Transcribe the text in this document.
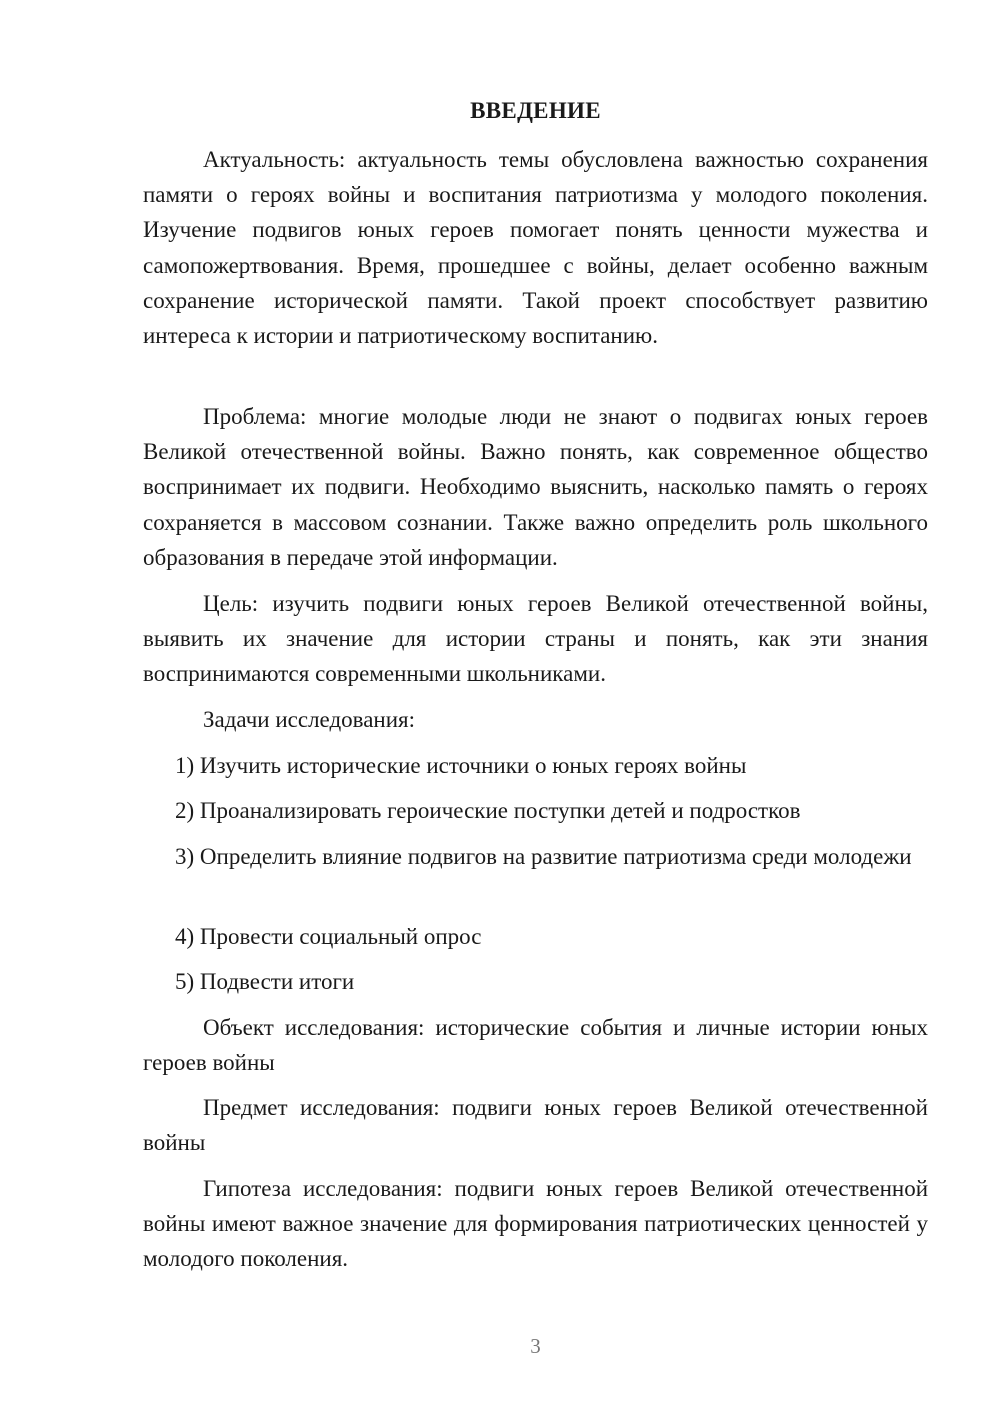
ВВЕДЕНИЕ

Актуальность: актуальность темы обусловлена важностью сохранения памяти о героях войны и воспитания патриотизма у молодого поколения. Изучение подвигов юных героев помогает понять ценности мужества и самопожертвования. Время, прошедшее с войны, делает особенно важным сохранение исторической памяти. Такой проект способствует развитию интереса к истории и патриотическому воспитанию.

Проблема: многие молодые люди не знают о подвигах юных героев Великой отечественной войны. Важно понять, как современное общество воспринимает их подвиги. Необходимо выяснить, насколько память о героях сохраняется в массовом сознании. Также важно определить роль школьного образования в передаче этой информации.

Цель: изучить подвиги юных героев Великой отечественной войны, выявить их значение для истории страны и понять, как эти знания воспринимаются современными школьниками.

Задачи исследования:

1) Изучить исторические источники о юных героях войны

2) Проанализировать героические поступки детей и подростков

3) Определить влияние подвигов на развитие патриотизма среди молодежи

4) Провести социальный опрос

5) Подвести итоги

Объект исследования: исторические события и личные истории юных героев войны

Предмет исследования: подвиги юных героев Великой отечественной войны

Гипотеза исследования: подвиги юных героев Великой отечественной войны имеют важное значение для формирования патриотических ценностей у молодого поколения.

3
